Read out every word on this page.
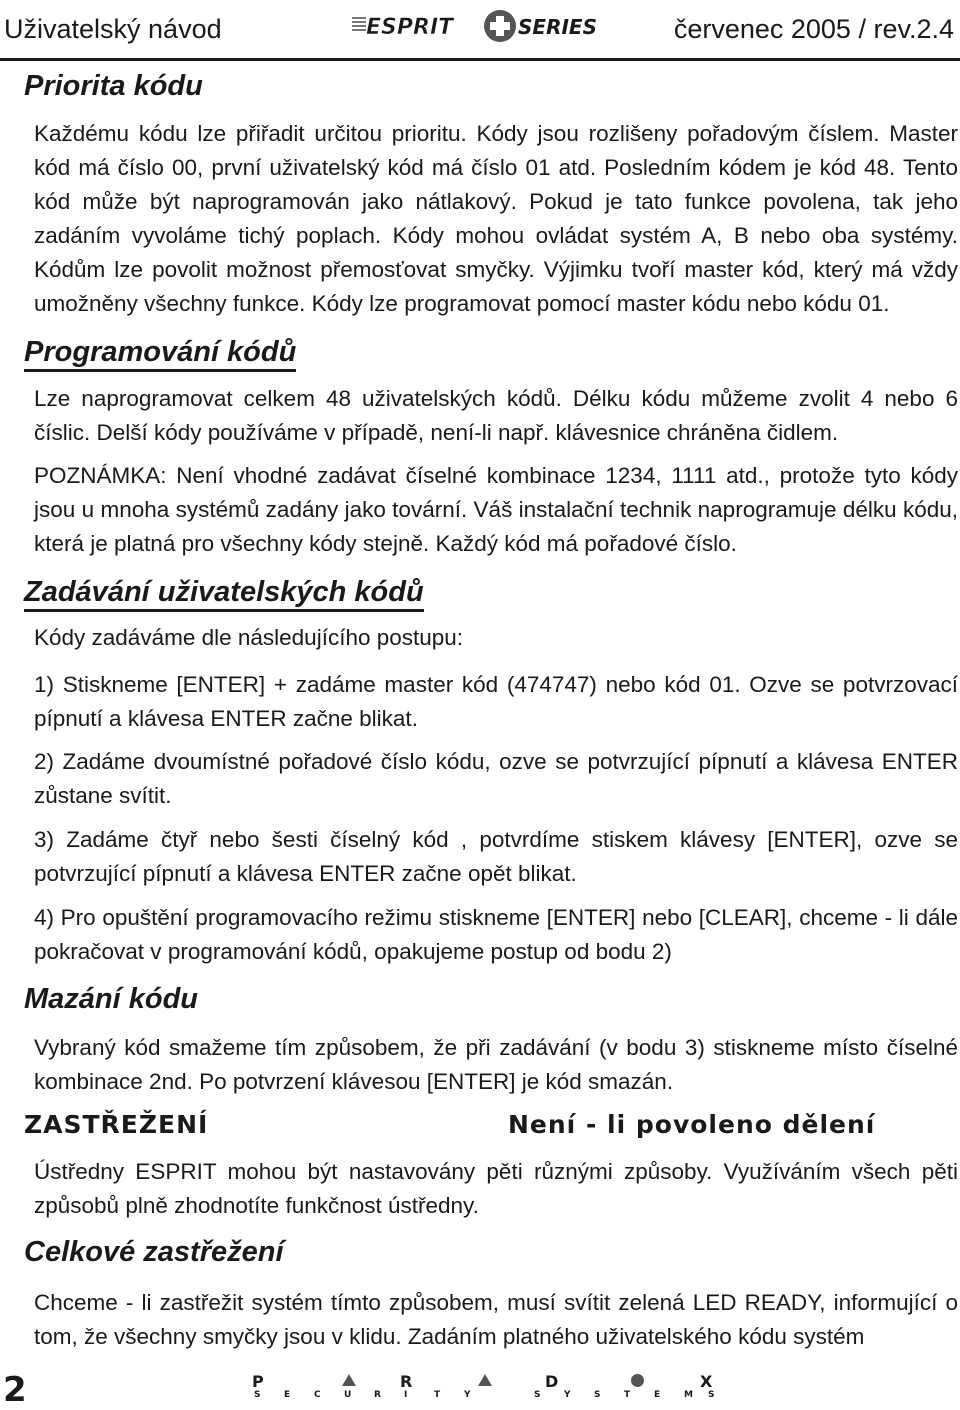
Uživatelský návod	ESPRIT	SERIES	červenec 2005 / rev.2.4
Priorita kódu

Každému kódu lze přiřadit určitou prioritu. Kódy jsou rozlišeny pořadovým číslem. Master kód má číslo 00, první uživatelský kód má číslo 01 atd. Posledním kódem je kód 48. Tento kód může být naprogramován jako nátlakový. Pokud je tato funkce povolena, tak jeho zadáním vyvoláme tichý poplach. Kódy mohou ovládat systém A, B nebo oba systémy. Kódům lze povolit možnost přemosťovat smyčky. Výjimku tvoří master kód, který má vždy umožněny všechny funkce. Kódy lze programovat pomocí master kódu nebo kódu 01.

Programování kódů

Lze naprogramovat celkem 48 uživatelských kódů. Délku kódu můžeme zvolit 4 nebo 6 číslic. Delší kódy používáme v případě, není-li např. klávesnice chráněna čidlem.

POZNÁMKA: Není vhodné zadávat číselné kombinace 1234, 1111 atd., protože tyto kódy jsou u mnoha systémů zadány jako tovární. Váš instalační technik naprogramuje délku kódu, která je platná pro všechny kódy stejně. Každý kód má pořadové číslo.

Zadávání uživatelských kódů

Kódy zadáváme dle následujícího postupu:

1) Stiskneme [ENTER] + zadáme master kód (474747) nebo kód 01. Ozve se potvrzovací pípnutí a klávesa ENTER začne blikat.

2) Zadáme dvoumístné pořadové číslo kódu, ozve se potvrzující pípnutí a klávesa ENTER zůstane svítit.

3) Zadáme čtyř nebo šesti číselný kód , potvrdíme stiskem klávesy [ENTER], ozve se potvrzující pípnutí a klávesa ENTER začne opět blikat.

4) Pro opuštění programovacího režimu stiskneme [ENTER] nebo [CLEAR], chceme - li dále pokračovat v programování kódů, opakujeme postup od bodu 2)

Mazání kódu

Vybraný kód smažeme tím způsobem, že při zadávání (v bodu 3) stiskneme místo číselné kombinace 2nd. Po potvrzení klávesou [ENTER] je kód smazán.

ZASTŘEŽENÍ	Není - li povoleno dělení

Ústředny ESPRIT mohou být nastavovány pěti různými způsoby. Využíváním všech pěti způsobů plně zhodnotíte funkčnost ústředny.

Celkové zastřežení

Chceme - li zastřežit systém tímto způsobem, musí svítit zelená LED READY, informující o tom, že všechny smyčky jsou v klidu. Zadáním platného uživatelského kódu systém

2	P	R	D	X
S	E	C	U	R	I	T	Y	S	Y	S	T	E	M S
